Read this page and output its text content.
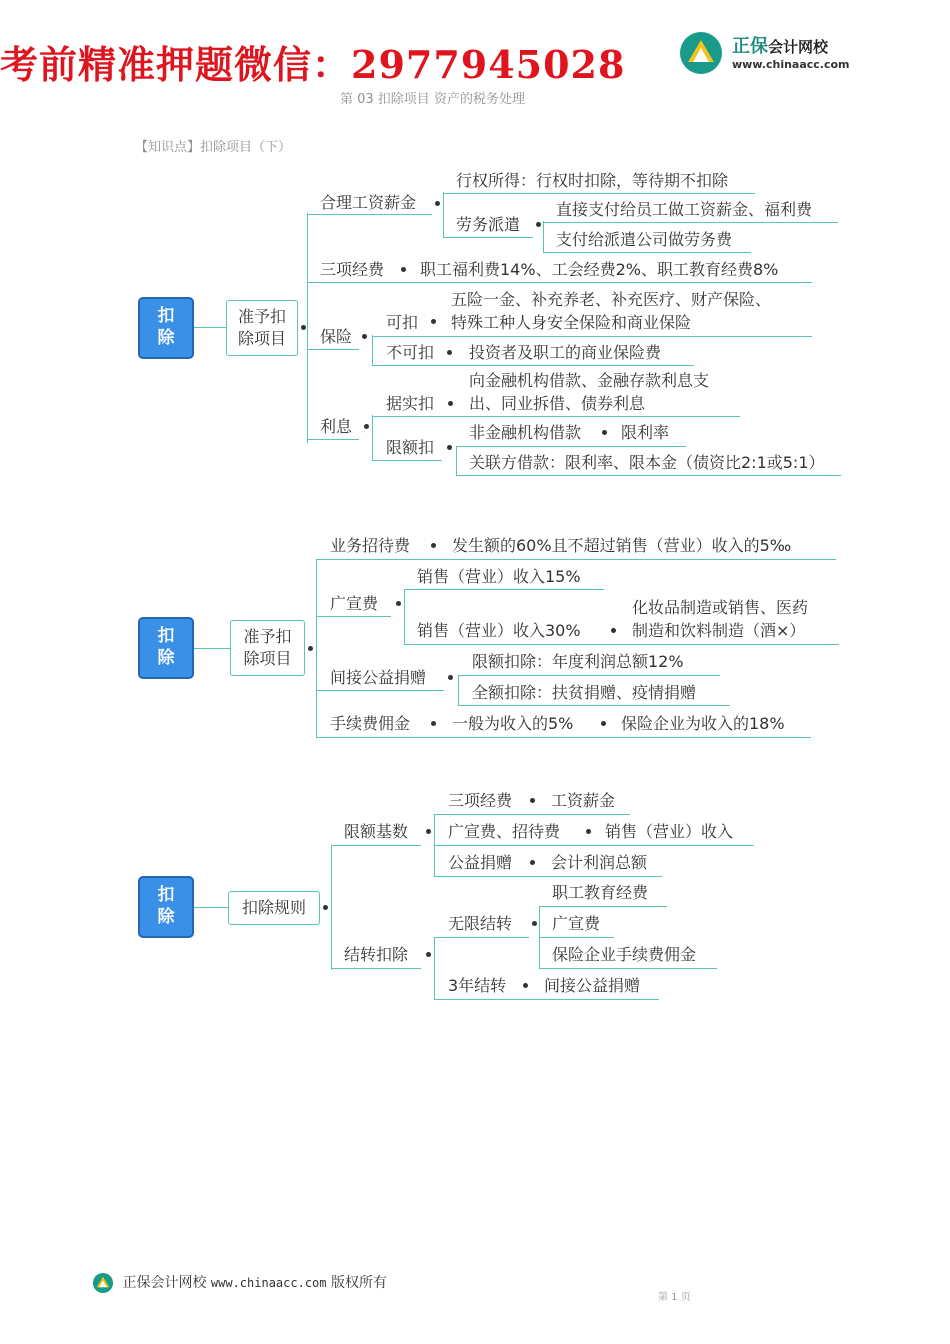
考前精准押题微信：2977945028	正保会计网校
www.chinaacc.com
第 03 扣除项目 资产的税务处理
【知识点】扣除项目（下）
扣
除
准予扣
除项目
合理工资薪金
行权所得：行权时扣除，等待期不扣除
劳务派遣
直接支付给员工做工资薪金、福利费
支付给派遣公司做劳务费
三项经费 职工福利费14%、工会经费2%、职工教育经费8%
保险
可扣
五险一金、补充养老、补充医疗、财产保险、
特殊工种人身安全保险和商业保险
不可扣 投资者及职工的商业保险费
利息
据实扣
向金融机构借款、金融存款利息支
出、同业拆借、债券利息
限额扣
非金融机构借款 限利率
关联方借款：限利率、限本金（债资比2:1或5:1）
扣
除
准予扣
除项目
业务招待费	发生额的60%且不超过销售（营业）收入的5‰
广宣费
销售（营业）收入15%
销售（营业）收入30%
化妆品制造或销售、医药
制造和饮料制造（酒×）
间接公益捐赠
限额扣除：年度利润总额12%
全额扣除：扶贫捐赠、疫情捐赠
手续费佣金	一般为收入的5%	保险企业为收入的18%
扣
除	扣除规则
限额基数
三项经费 工资薪金
广宣费、招待费	销售（营业）收入
公益捐赠 会计利润总额
结转扣除
无限结转
职工教育经费
广宣费
保险企业手续费佣金
3年结转 间接公益捐赠
正保会计网校 www.chinaacc.com 版权所有
第 1 页
